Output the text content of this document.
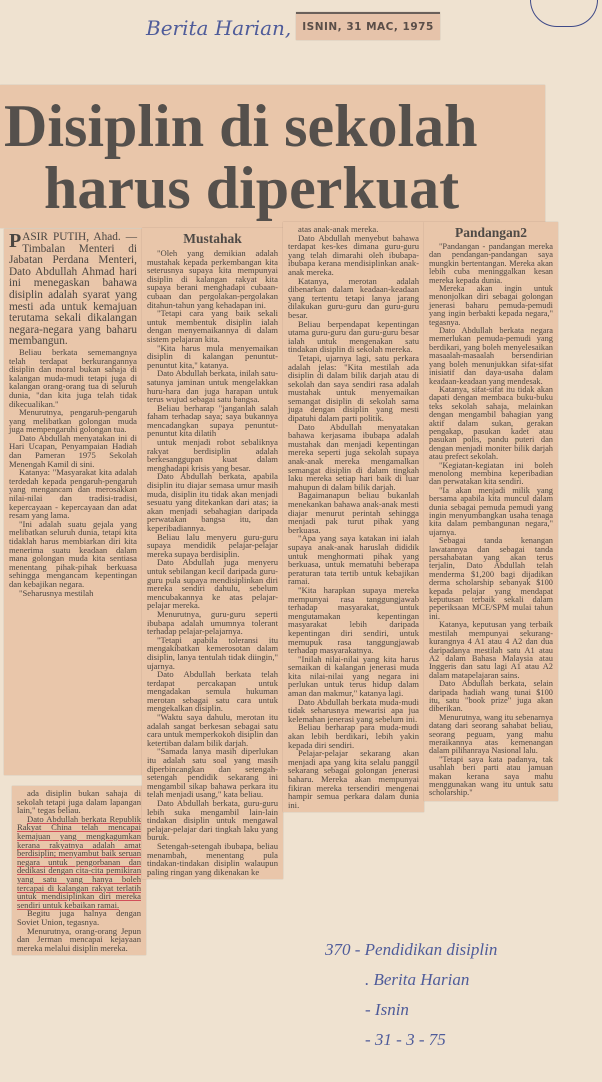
Berita Harian,	ISNIN, 31 MAC, 1975
Disiplin di sekolah
harus diperkuat

PASIR PUTIH, Ahad. — Timbalan Menteri di Jabatan Perdana Menteri, Dato Abdullah Ahmad hari ini menegaskan bahawa disiplin adalah syarat yang mesti ada untuk kemajuan terutama sekali dikalangan negara-negara yang baharu membangun.

Beliau berkata sememangnya telah terdapat berkurangannya disiplin dan moral bukan sahaja di kalangan muda-mudi tetapi juga di kalangan orang-orang tua di seluruh dunia, "dan kita juga telah tidak dikecualikan."

Menurutnya, pengaruh-pengaruh yang melibatkan golongan muda juga mempengaruhi golongan tua.

Dato Abdullah menyatakan ini di Hari Ucapan, Penyampaian Hadiah dan Pameran 1975 Sekolah Menengah Kamil di sini.

Katanya: "Masyarakat kita adalah terdedah kepada pengaruh-pengaruh yang mengancam dan merosakkan nilai-nilai dan tradisi-tradisi, kepercayaan - kepercayaan dan adat resam yang lama.

"Ini adalah suatu gejala yang melibatkan seluruh dunia, tetapi kita tidaklah harus membiarkan diri kita menerima suatu keadaan dalam mana golongan muda kita sentiasa menentang pihak-pihak berkuasa sehingga mengancam kepentingan dan kebajikan negara.

"Seharusnya mestilah

ada disiplin bukan sahaja di sekolah tetapi juga dalam lapangan lain," tegas beliau.

Dato Abdullah berkata Republik Rakyat China telah mencapai kemajuan yang mengkagumkan kerana rakyatnya adalah amat berdisiplin; menyambut baik seruan negara untuk pengorbanan dan dedikasi dengan cita-cita pemikiran yang satu yang hanya boleh tercapai di kalangan rakyat terlatih untuk mendisiplinkan diri mereka sendiri untuk kebaikan ramai.

Begitu juga halnya dengan Soviet Union, tegasnya.

Menurutnya, orang-orang Jepun dan Jerman mencapai kejayaan mereka melalui disiplin mereka.

Mustahak

"Oleh yang demikian adalah mustahak kepada perkembangan kita seterusnya supaya kita mempunyai disiplin di kalangan rakyat kita supaya berani menghadapi cubaan-cubaan dan pergolakan-pergolakan ditahun-tahun yang kehadapan ini.

"Tetapi cara yang baik sekali untuk membentuk disiplin ialah dengan menyemaikannya di dalam sistem pelajaran kita.

"Kita harus mula menyemaikan disiplin di kalangan penuntut-penuntut kita," katanya.

Dato Abdullah berkata, inilah satu-satunya jaminan untuk mengelakkan huru-hara dan juga harapan untuk terus wujud sebagai satu bangsa.

Beliau berharap "janganlah salah faham terhadap saya; saya bukannya mencadangkan supaya penuntut-penuntut kita dilatih

untuk menjadi robot sebaliknya rakyat berdisiplin adalah berkesanggupan kuat dalam menghadapi krisis yang besar.

Dato Abdullah berkata, apabila disiplin itu diajar semasa umur masih muda, disiplin itu tidak akan menjadi sesuatu yang ditekankan dari atas; ia akan menjadi sebahagian daripada perwatakan bangsa itu, dan keperibadiannya.

Beliau lalu menyeru guru-guru supaya mendidik pelajar-pelajar mereka supaya berdisiplin.

Dato Abdullah juga menyeru untuk sebilangan kecil daripada guru-guru pula supaya mendisiplinkan diri mereka sendiri dahulu, sebelum mencubakannya ke atas pelajar-pelajar mereka.

Menurutnya, guru-guru seperti ibubapa adalah umumnya tolerant terhadap pelajar-pelajarnya.

"Tetapi apabila toleransi itu mengakibatkan kemerosotan dalam disiplin, lanya tentulah tidak diingin," ujarnya.

Dato Abdullah berkata telah terdapat percakapan untuk mengadakan semula hukuman merotan sebagai satu cara untuk mengekalkan disiplin.

"Waktu saya dahulu, merotan itu adalah sangat berkesan sebagai satu cara untuk memperkokoh disiplin dan ketertiban dalam bilik darjah.

"Samada lanya masih diperlukan itu adalah satu soal yang masih diperbincangkan dan setengah-setengah pendidik sekarang ini mengambil sikap bahawa perkara itu telah menjadi usang," kata beliau.

Dato Abdullah berkata, guru-guru lebih suka mengambil lain-lain tindakan disiplin untuk mengawal pelajar-pelajar dari tingkah laku yang buruk.

Setengah-setengah ibubapa, beliau menambah, menentang pula tindakan-tindakan disiplin walaupun paling ringan yang dikenakan ke

atas anak-anak mereka.

Dato Abdullah menyebut bahawa terdapat kes-kes dimana guru-guru yang telah dimarahi oleh ibubapa-ibubapa kerana mendisiplinkan anak-anak mereka.

Katanya, merotan adalah dibenarkan dalam keadaan-keadaan yang tertentu tetapi lanya jarang dilakukan guru-guru dan guru-guru besar.

Beliau berpendapat kepentingan utama guru-guru dan guru-guru besar ialah untuk mengenakan satu tindakan disiplin di sekolah mereka.

Tetapi, ujarnya lagi, satu perkara adalah jelas: "Kita mestilah ada disiplin di dalam bilik darjah atau di sekolah dan saya sendiri rasa adalah mustahak untuk menyemaikan semangat disiplin di sekolah sama juga dengan disiplin yang mesti dipatuhi dalam parti politik.

Dato Abdullah menyatakan bahawa kerjasama ibubapa adalah mustahak dan menjadi kepentingan mereka seperti juga sekolah supaya anak-anak mereka mengamalkan semangat disiplin di dalam tingkah laku mereka setiap hari baik di luar mahupun di dalam bilik darjah.

Bagaimanapun beliau bukanlah menekankan bahawa anak-anak mesti diajar menurut perintah sehingga menjadi pak turut pihak yang berkuasa.

"Apa yang saya katakan ini ialah supaya anak-anak haruslah dididik untuk menghormati pihak yang berkuasa, untuk mematuhi beberapa peraturan tata tertib untuk kebajikan ramai.

"Kita harapkan supaya mereka mempunyai rasa tanggungjawab terhadap masyarakat, untuk mengutamakan kepentingan masyarakat lebih daripada kepentingan diri sendiri, untuk memupuk rasa tanggungjawab terhadap masyarakatnya.

"Inilah nilai-nilai yang kita harus semaikan di kalangan jenerasi muda kita nilai-nilai yang negara ini perlukan untuk terus hidup dalam aman dan makmur," katanya lagi.

Dato Abdullah berkata muda-mudi tidak seharusnya mewarisi apa jua kelemahan jenerasi yang sebelum ini.

Beliau berharap para muda-mudi akan lebih berdikari, lebih yakin kepada diri sendiri.

Pelajar-pelajar sekarang akan menjadi apa yang kita selalu panggil sekarang sebagai golongan jenerasi baharu. Mereka akan mempunyai fikiran mereka tersendiri mengenai hampir semua perkara dalam dunia ini.

Pandangan2

"Pandangan - pandangan mereka dan pendangan-pandangan saya mungkin bertentangan. Mereka akan lebih cuba meninggalkan kesan mereka kepada dunia.

Mereka akan ingin untuk menonjolkan diri sebagai golongan jenerasi baharu pemuda-pemudi yang ingin berbakti kepada negara," tegasnya.

Dato Abdullah berkata negara memerlukan pemuda-pemudi yang berdikari, yang boleh menyelesaikan masaalah-masaalah bersendirian yang boleh menunjukkan sifat-sifat inisiatif dan daya-usaha dalam keadaan-keadaan yang mendesak.

Katanya, sifat-sifat itu tidak akan dapati dengan membaca buku-buku teks sekolah sahaja, melainkan dengan mengambil bahagian yang aktif dalam sukan, gerakan pengakap, pasukan kadet atau pasukan polis, pandu puteri dan dengan menjadi moniter bilik darjah atau prefect sekolah.

"Kegiatan-kegiatan ini boleh menolong membina keperibadian dan perwatakan kita sendiri.

"Ia akan menjadi milik yang bersama apabila kita muncul dalam dunia sebagai pemuda pemudi yang ingin menyumbangkan usaha tenaga kita dalam pembangunan negara," ujarnya.

Sebagai tanda kenangan lawatannya dan sebagai tanda persahabatan yang akan terus terjalin, Dato Abdullah telah menderma $1,200 bagi dijadikan derma scholarship sebanyak $100 kepada pelajar yang mendapat keputusan terbaik sekali dalam peperiksaan MCE/SPM mulai tahun ini.

Katanya, keputusan yang terbaik mestilah mempunyai sekurang-kurangnya 4 A1 atau 4 A2 dan dua daripadanya mestilah satu A1 atau A2 dalam Bahasa Malaysia atau Inggeris dan satu lagi A1 atau A2 dalam matapelajaran sains.

Dato Abdullah berkata, selain daripada hadiah wang tunai $100 itu, satu "book prize" juga akan diberikan.

Menurutnya, wang itu sebenarnya datang dari seorang sahabat beliau, seorang peguam, yang mahu meraikannya atas kemenangan dalam pilihanraya Nasional lalu.

"Tetapi saya kata padanya, tak usahlah beri parti atau jamuan makan kerana saya mahu menggunakan wang itu untuk satu scholarship."

370 - Pendidikan disiplin
. Berita Harian
- Isnin
- 31 - 3 - 75
